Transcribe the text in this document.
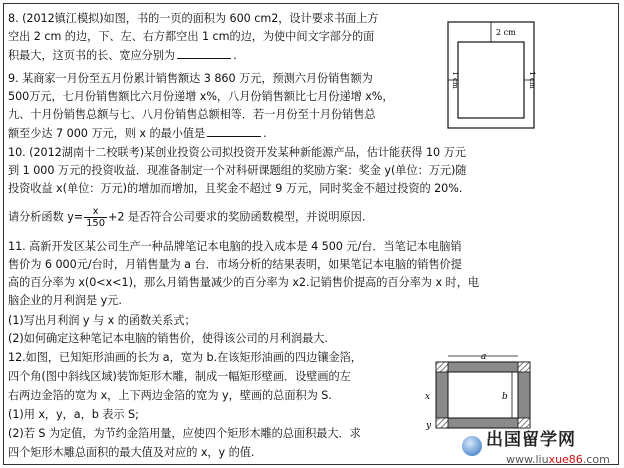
8. (2012镇江模拟)如图，书的一页的面积为 600 cm2，设计要求书面上方
空出 2 cm 的边，下、左、右方都空出 1 cm的边，为使中间文字部分的面
积最大，这页书的长、宽应分别为	.
2 cm
1 cm	1 cm
9. 某商家一月份至五月份累计销售额达 3 860 万元，预测六月份销售额为
500万元，七月份销售额比六月份递增 x%，八月份销售额比七月份递增 x%，
九、十月份销售总额与七、八月份销售总额相等．若一月份至十月份销售总
额至少达 7 000 万元，则 x 的最小值是	.
10. (2012湖南十二校联考)某创业投资公司拟投资开发某种新能源产品，估计能获得 10 万元
到 1 000 万元的投资收益．现准备制定一个对科研课题组的奖励方案：奖金 y(单位：万元)随
投资收益 x(单位：万元)的增加而增加，且奖金不超过 9 万元，同时奖金不超过投资的 20%.
请分析函数 $y= \frac{x}{150} +2$ 是否符合公司要求的奖励函数模型，并说明原因.
11. 高新开发区某公司生产一种品牌笔记本电脑的投入成本是 4 500 元/台．当笔记本电脑销
售价为 6 000元/台时，月销售量为 a 台．市场分析的结果表明，如果笔记本电脑的销售价提
高的百分率为 x(0<x<1)，那么月销售量减少的百分率为 x2.记销售价提高的百分率为 x 时，电
脑企业的月利润是 y元.
(1)写出月利润 y 与 x 的函数关系式；
(2)如何确定这种笔记本电脑的销售价，使得该公司的月利润最大.
12.如图，已知矩形油画的长为 a，宽为 b.在该矩形油画的四边镶金箔，
四个角(图中斜线区域)装饰矩形木雕，制成一幅矩形壁画．设壁画的左
右两边金箔的宽为 x，上下两边金箔的宽为 y，壁画的总面积为 S.
(1)用 x，y，a，b 表示 S;
(2)若 S 为定值，为节约金箔用量，应使四个矩形木雕的总面积最大．求
四个矩形木雕总面积的最大值及对应的 x，y 的值.
a
b
x
y
出国留学网
www.liuxue86.com
